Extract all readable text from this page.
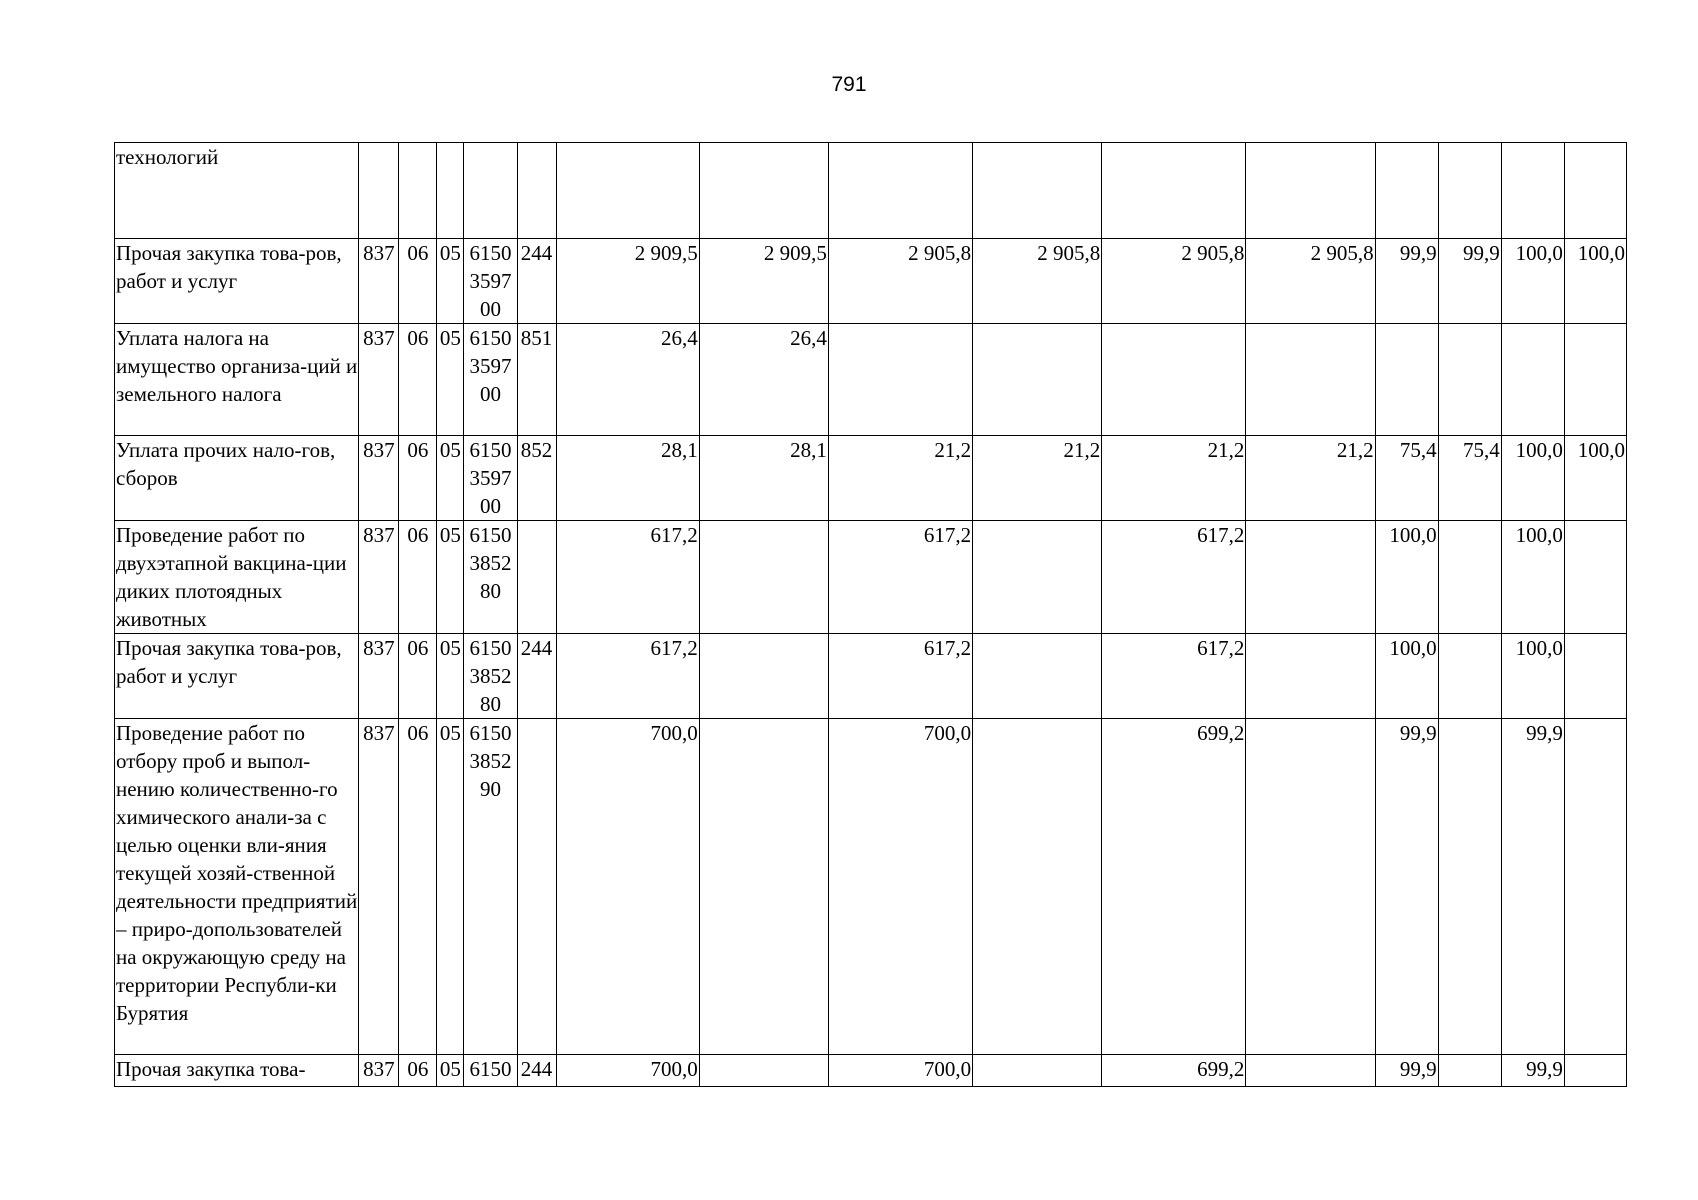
791
технологий															
Прочая закупка това-ров, работ и услуг	837	06	05	6150359700	244	2 909,5	2 909,5	2 905,8	2 905,8	2 905,8	2 905,8	99,9	99,9	100,0	100,0
Уплата налога на имущество организа-ций и земельного налога	837	06	05	6150359700	851	26,4	26,4								
Уплата прочих нало-гов, сборов	837	06	05	6150359700	852	28,1	28,1	21,2	21,2	21,2	21,2	75,4	75,4	100,0	100,0
Проведение работ по двухэтапной вакцина-ции диких плотоядных животных	837	06	05	6150385280		617,2		617,2		617,2		100,0		100,0	
Прочая закупка това-ров, работ и услуг	837	06	05	6150385280	244	617,2		617,2		617,2		100,0		100,0	
Проведение работ по отбору проб и выпол-нению количественно-го химического анали-за с целью оценки вли-яния текущей хозяй-ственной деятельности предприятий – приро-допользователей на окружающую среду на территории Республи-ки Бурятия	837	06	05	6150385290		700,0		700,0		699,2		99,9		99,9	
Прочая закупка това-	837	06	05	6150	244	700,0		700,0		699,2		99,9		99,9	
